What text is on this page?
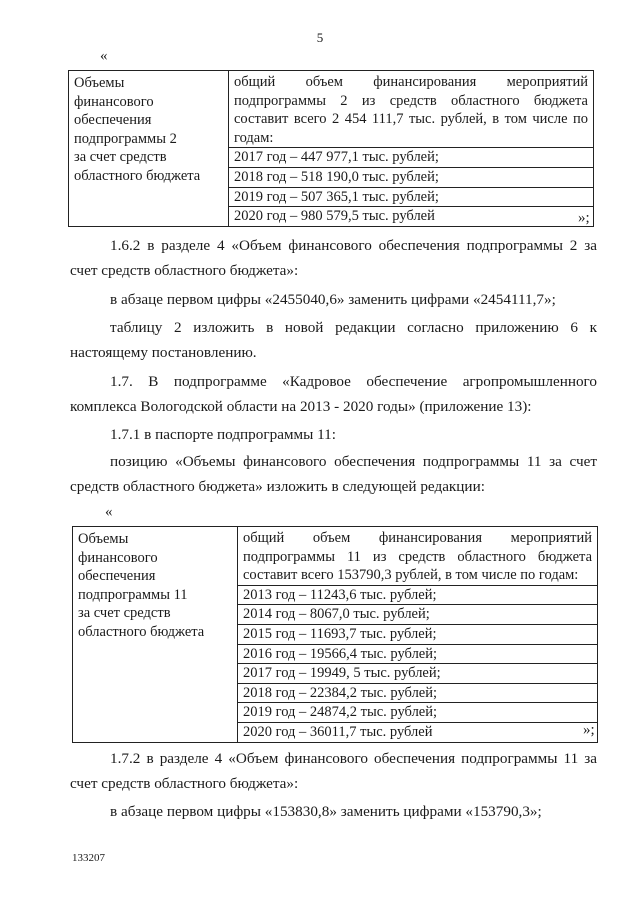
5
«
Объемы
финансового
обеспечения
подпрограммы 2
за счет средств
областного бюджета

общий объем финансирования мероприятий подпрограммы 2 из средств областного бюджета составит всего 2 454 111,7 тыс. рублей, в том числе по годам:
2017 год – 447 977,1 тыс. рублей;
2018 год – 518 190,0 тыс. рублей;
2019 год – 507 365,1 тыс. рублей;
2020 год – 980 579,5 тыс. рублей	»;
1.6.2 в разделе 4 «Объем финансового обеспечения подпрограммы 2 за счет средств областного бюджета»:
в абзаце первом цифры «2455040,6» заменить цифрами «2454111,7»;
таблицу 2 изложить в новой редакции согласно приложению 6 к настоящему постановлению.
1.7. В подпрограмме «Кадровое обеспечение агропромышленного комплекса Вологодской области на 2013 - 2020 годы» (приложение 13):
1.7.1 в паспорте подпрограммы 11:
позицию «Объемы финансового обеспечения подпрограммы 11 за счет средств областного бюджета» изложить в следующей редакции:
«
Объемы
финансового
обеспечения
подпрограммы 11
за счет средств
областного бюджета

общий объем финансирования мероприятий подпрограммы 11 из средств областного бюджета составит всего 153790,3 рублей, в том числе по годам:
2013 год – 11243,6 тыс. рублей;
2014 год – 8067,0 тыс. рублей;
2015 год – 11693,7 тыс. рублей;
2016 год – 19566,4 тыс. рублей;
2017 год – 19949, 5 тыс. рублей;
2018 год – 22384,2 тыс. рублей;
2019 год – 24874,2 тыс. рублей;
2020 год – 36011,7 тыс. рублей	»;
1.7.2 в разделе 4 «Объем финансового обеспечения подпрограммы 11 за счет средств областного бюджета»:
в абзаце первом цифры «153830,8» заменить цифрами «153790,3»;
133207
